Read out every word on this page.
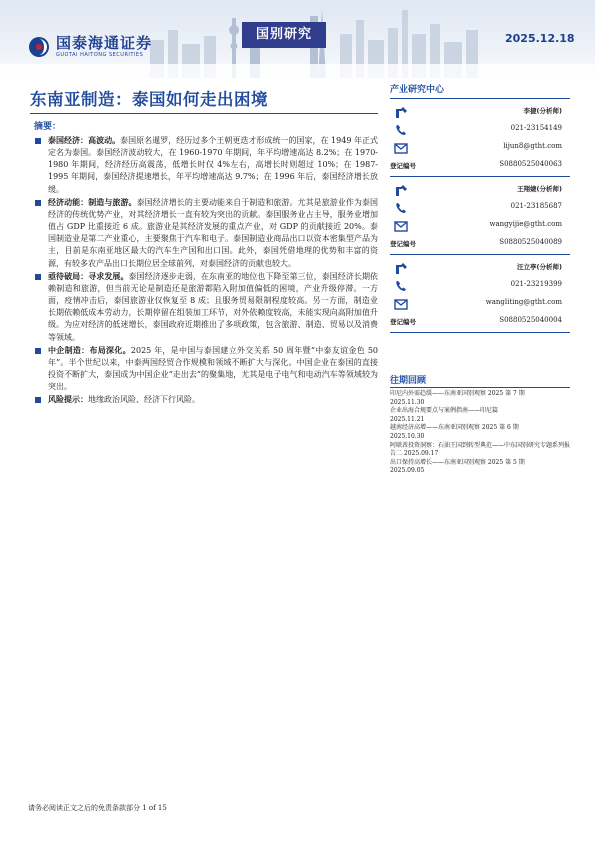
国泰海通证券
GUOTAI HAITONG SECURITIES
国别研究	2025.12.18
东南亚制造：泰国如何走出困境
摘要：

泰国经济：高波动。泰国原名暹罗，经历过多个王朝更迭才形成统一的国家，在 1949 年正式定名为泰国。泰国经济波动较大，在 1960-1970 年期间，年平均增速高达 8.2%；在 1970-1980 年期间，经济经历高震荡，低增长时仅 4%左右，高增长时则超过 10%；在 1987-1995 年期间，泰国经济提速增长，年平均增速高达 9.7%；在 1996 年后，泰国经济增长放缓。

经济动能：制造与旅游。泰国经济增长的主要动能来自于制造和旅游。尤其是旅游业作为泰国经济的传统优势产业，对其经济增长一直有较为突出的贡献。泰国服务业占主导，服务业增加值占 GDP 比重接近 6 成。旅游业是其经济发展的重点产业，对 GDP 的贡献接近 20%。泰国制造业是第二产业重心，主要聚焦于汽车和电子。泰国制造业商品出口以资本密集型产品为主，目前是东南亚地区最大的汽车生产国和出口国。此外，泰国凭借地理的优势和丰富的资源，有较多农产品出口长期位居全球前列，对泰国经济的贡献也较大。

亟待破局：寻求发展。泰国经济逐步走弱，在东南亚的地位也下降至第三位，泰国经济长期依赖制造和旅游，但当前无论是制造还是旅游都陷入附加值偏低的困境，产业升级停滞。一方面，疫情冲击后，泰国旅游业仅恢复至 8 成；且服务贸易限制程度较高。另一方面，制造业长期依赖低成本劳动力，长期停留在组装加工环节，对外依赖度较高，未能实现向高附加值升级。为应对经济的低迷增长，泰国政府近期推出了多项政策，包含旅游、制造、贸易以及消费等领域。

中企制造：布局深化。2025 年，是中国与泰国建立外交关系 50 周年暨“中泰友谊金色 50 年”。半个世纪以来，中泰两国经贸合作规模和领域不断扩大与深化。中国企业在泰国的直接投资不断扩大，泰国成为中国企业“走出去”的聚集地，尤其是电子电气和电动汽车等领域较为突出。

风险提示：地缘政治风险、经济下行风险。

产业研究中心
李捷(分析师)
021-23154149
lijun8@gtht.com
登记编号	S0880525040063
王翔婕(分析师)
021-23185687
wangyijie@gtht.com
登记编号	S0880525040089
汪立亭(分析师)
021-23219399
wangliting@gtht.com
登记编号	S0880525040004
往期回顾
印尼内外需趋缓——东南亚国别观察 2025 第 7 期
2025.11.30
企业出海合规要点与案例指南——印尼篇
2025.11.21
越南经济高增——东南亚国别观察 2025 第 6 期
2025.10.30
阿联酋投资洞察：石油王国到转型典范——中东国别研究专题系列报告二 2025.09.17
出口保持高增长——东南亚国别观察 2025 第 5 期
2025.09.05
请务必阅读正文之后的免责条款部分 1 of 15
